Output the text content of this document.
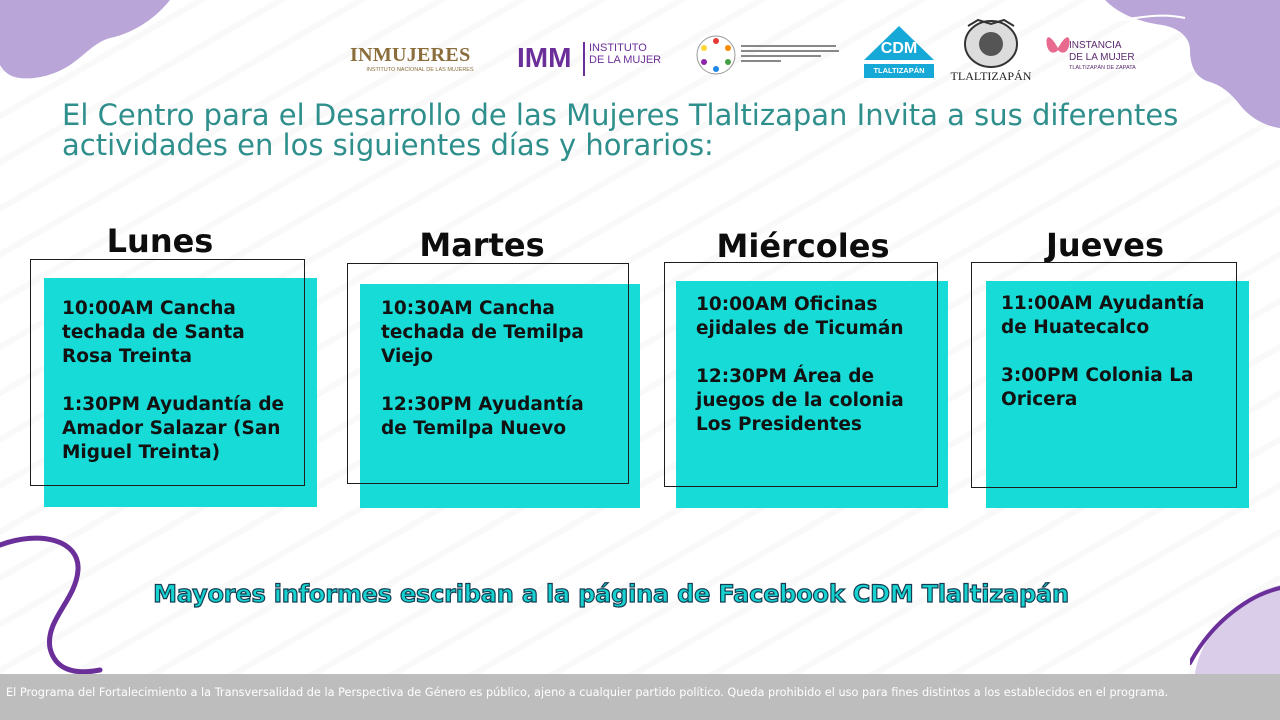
INMUJERES
INSTITUTO NACIONAL DE LAS MUJERES	IMM INSTITUTO
DE LA MUJER
CDM
TLALTIZAPÁN	TLALTIZAPÁN
INSTANCIA
DE LA MUJER
TLALTIZAPÁN DE ZAPATA
El Centro para el Desarrollo de las Mujeres Tlaltizapan Invita a sus diferentes
actividades en los siguientes días y horarios:
Lunes

10:00AM Cancha techada de Santa Rosa Treinta

1:30PM Ayudantía de Amador Salazar (San Miguel Treinta)

Martes

10:30AM Cancha techada de Temilpa Viejo

12:30PM Ayudantía de Temilpa Nuevo

Miércoles

10:00AM Oficinas ejidales de Ticumán

12:30PM Área de juegos de la colonia Los Presidentes

Jueves

11:00AM Ayudantía de Huatecalco

3:00PM Colonia La Oricera

Mayores informes escriban a la página de Facebook CDM Tlaltizapán
El Programa del Fortalecimiento a la Transversalidad de la Perspectiva de Género es público, ajeno a cualquier partido político. Queda prohibido el uso para fines distintos a los establecidos en el programa.
